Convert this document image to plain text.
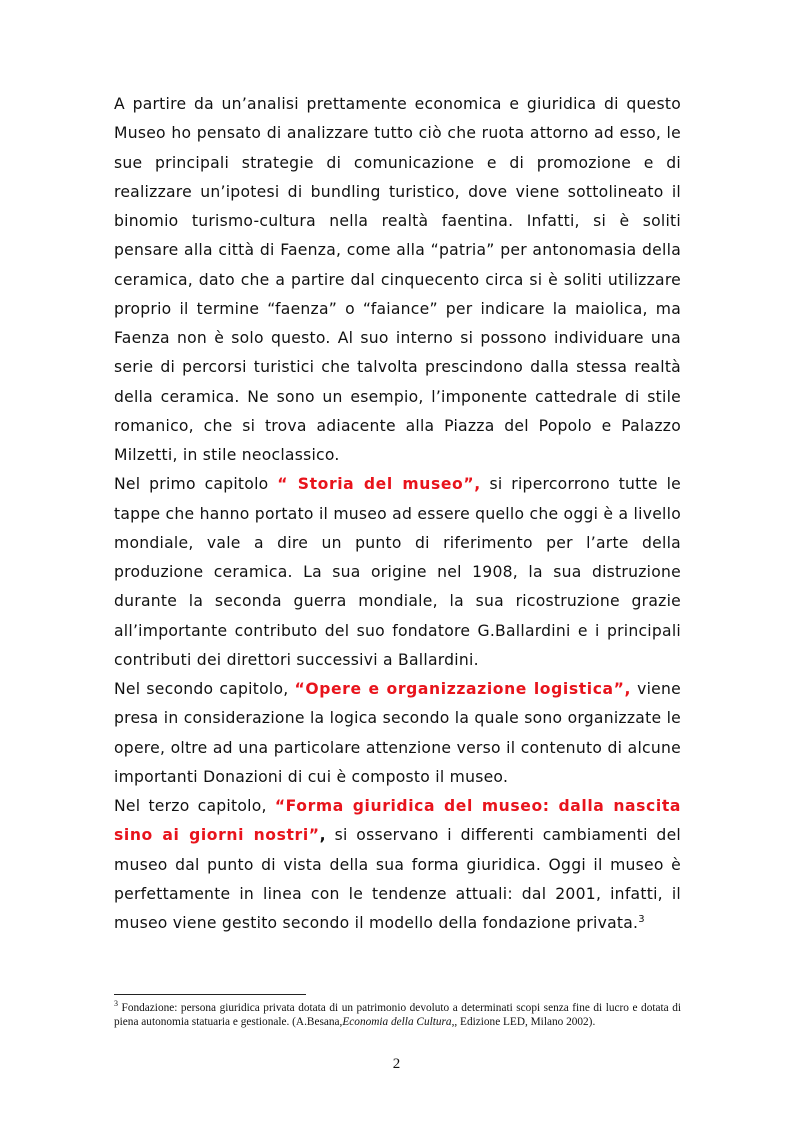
A partire da un’analisi prettamente economica e giuridica di questo Museo ho pensato di analizzare tutto ciò che ruota attorno ad esso, le sue principali strategie di comunicazione e di promozione e di realizzare un’ipotesi di bundling turistico, dove viene sottolineato il binomio turismo-cultura nella realtà faentina. Infatti, si è soliti pensare alla città di Faenza, come alla “patria” per antonomasia della ceramica, dato che a partire dal cinquecento circa si è soliti utilizzare proprio il termine “faenza” o “faiance” per indicare la maiolica, ma Faenza non è solo questo. Al suo interno si possono individuare una serie di percorsi turistici che talvolta prescindono dalla stessa realtà della ceramica. Ne sono un esempio, l’imponente cattedrale di stile romanico, che si trova adiacente alla Piazza del Popolo e Palazzo Milzetti, in stile neoclassico.

Nel primo capitolo “ Storia del museo”, si ripercorrono tutte le tappe che hanno portato il museo ad essere quello che oggi è a livello mondiale, vale a dire un punto di riferimento per l’arte della produzione ceramica. La sua origine nel 1908, la sua distruzione durante la seconda guerra mondiale, la sua ricostruzione grazie all’importante contributo del suo fondatore G.Ballardini e i principali contributi dei direttori successivi a Ballardini.

Nel secondo capitolo, “Opere e organizzazione logistica”, viene presa in considerazione la logica secondo la quale sono organizzate le opere, oltre ad una particolare attenzione verso il contenuto di alcune importanti Donazioni di cui è composto il museo.

Nel terzo capitolo, “Forma giuridica del museo: dalla nascita sino ai giorni nostri”, si osservano i differenti cambiamenti del museo dal punto di vista della sua forma giuridica. Oggi il museo è perfettamente in linea con le tendenze attuali: dal 2001, infatti, il museo viene gestito secondo il modello della fondazione privata.$^3$

$^3$ Fondazione: persona giuridica privata dotata di un patrimonio devoluto a determinati scopi senza fine di lucro e dotata di piena autonomia statuaria e gestionale. (A.Besana,Economia della Cultura,, Edizione LED, Milano 2002).

2
